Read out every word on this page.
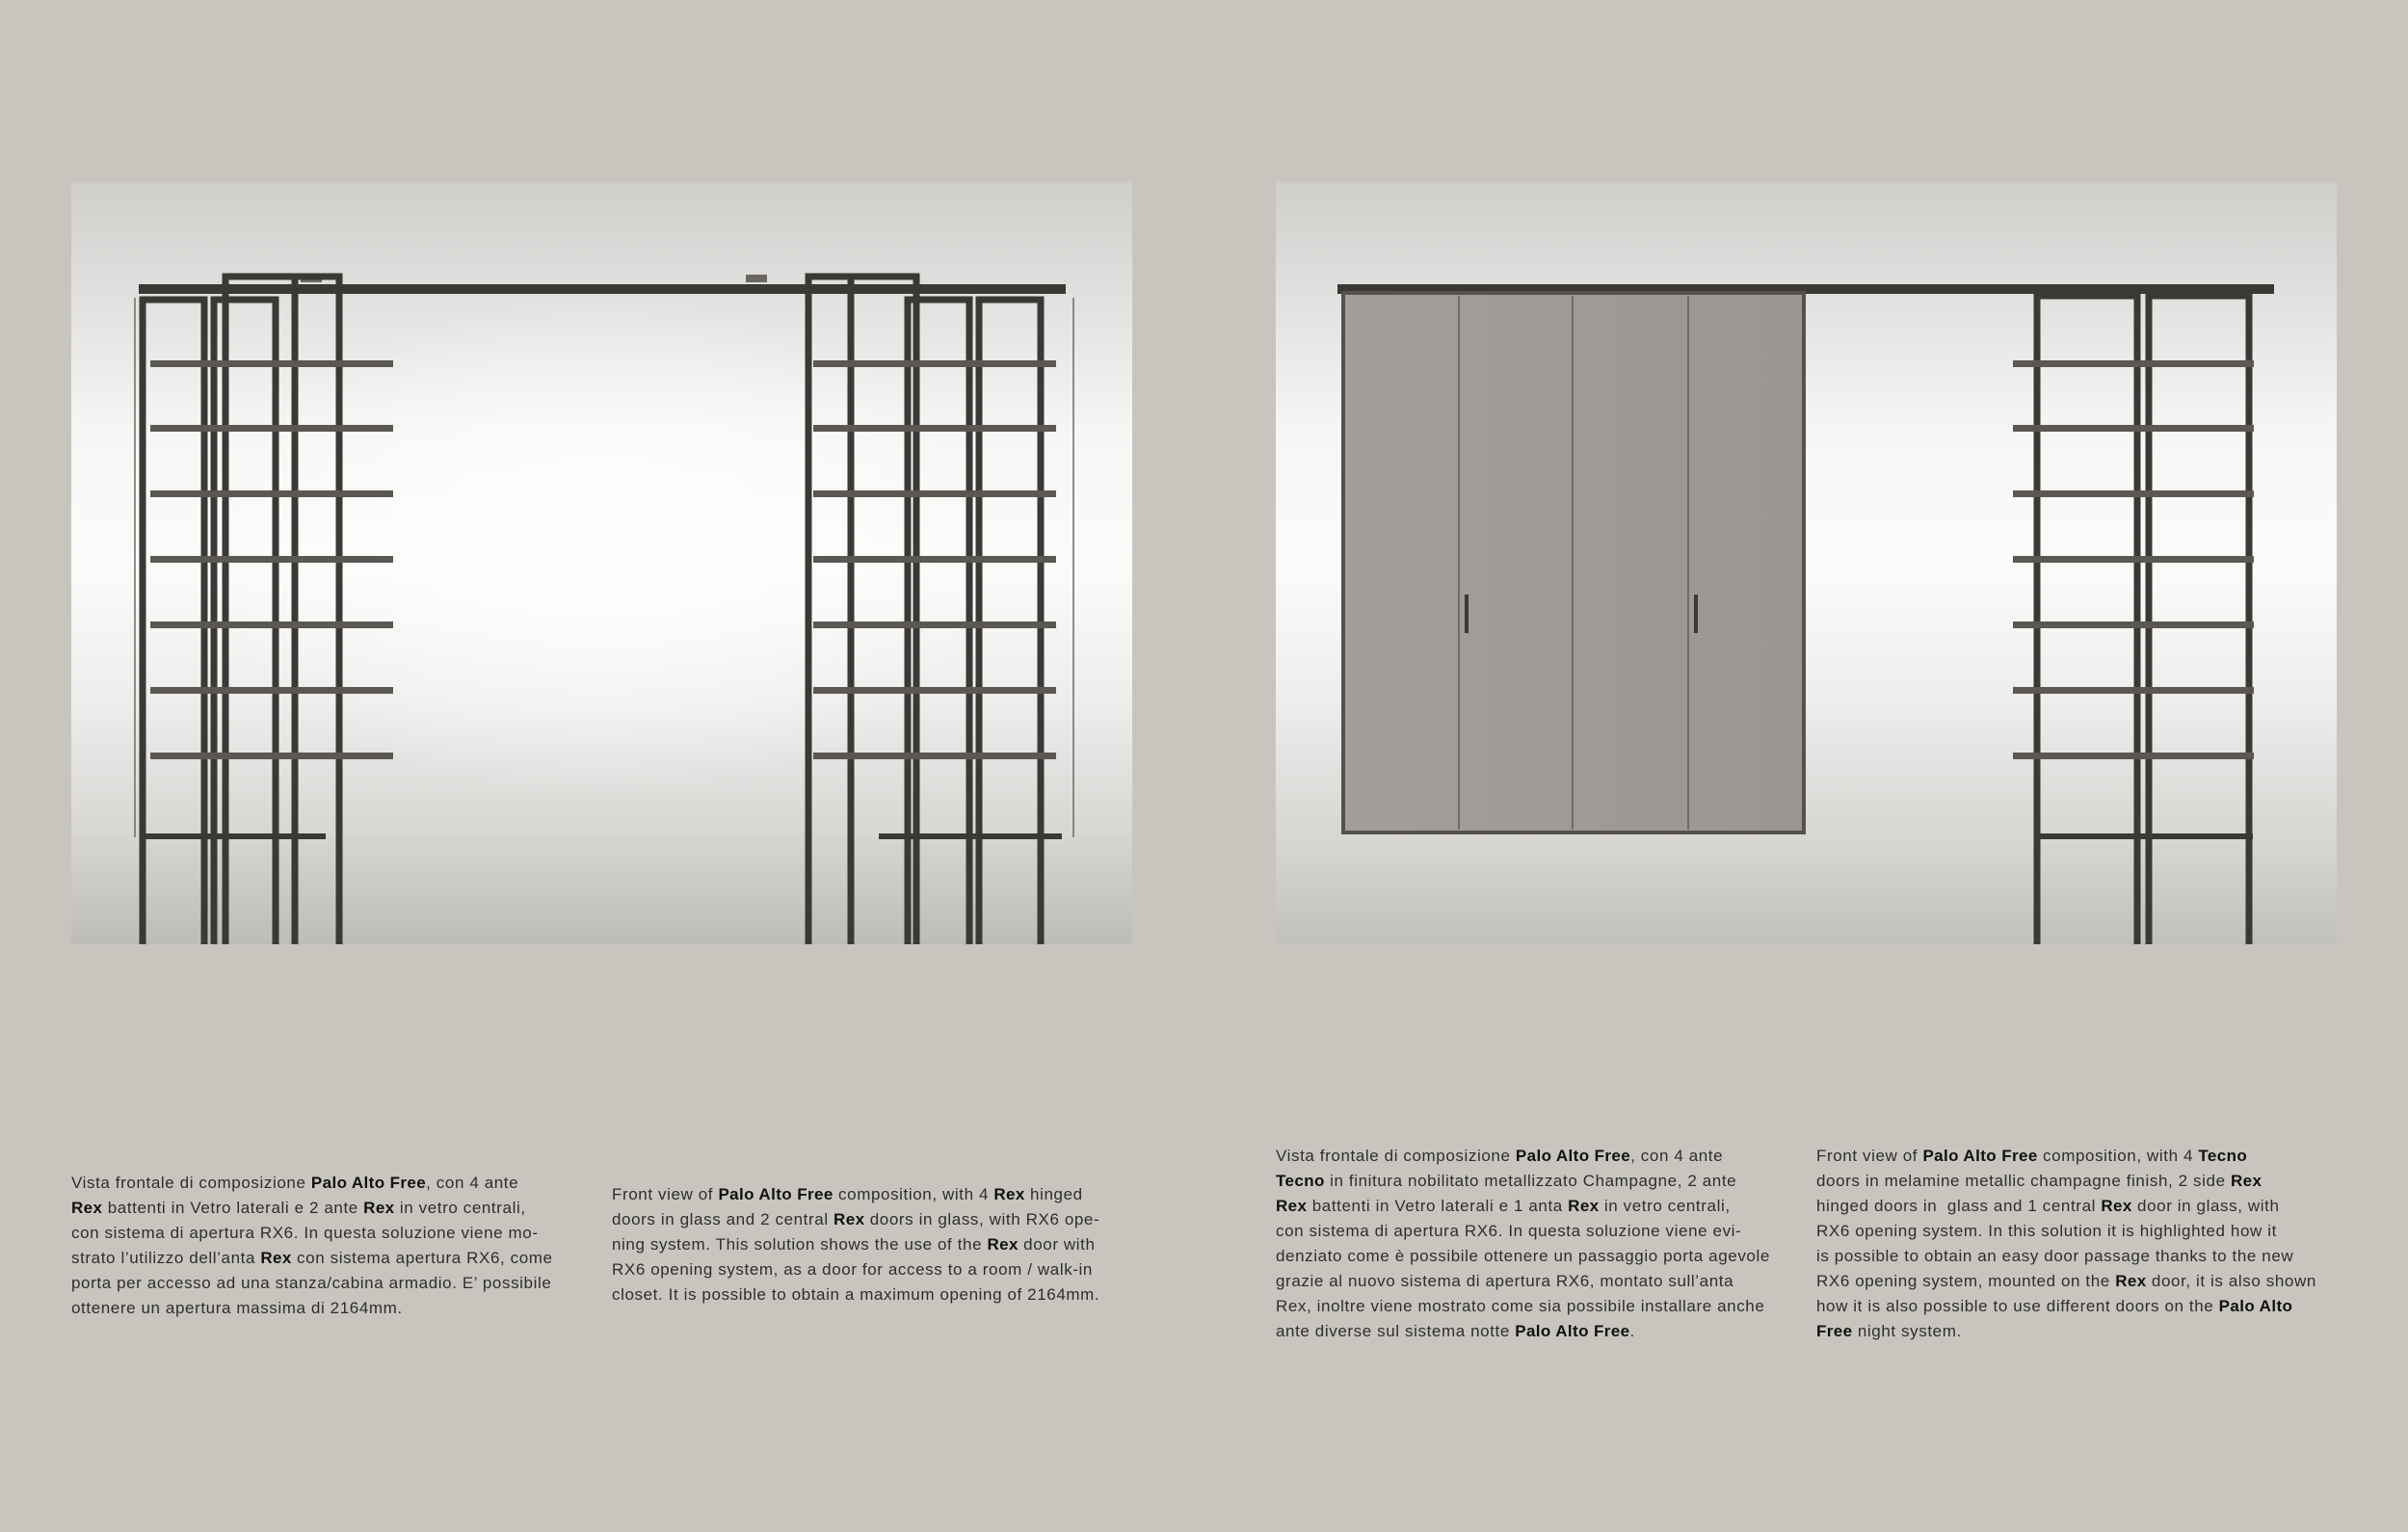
Vista frontale di composizione Palo Alto Free, con 4 ante
Rex battenti in Vetro laterali e 2 ante Rex in vetro centrali,
con sistema di apertura RX6. In questa soluzione viene mo-
strato l’utilizzo dell’anta Rex con sistema apertura RX6, come
porta per accesso ad una stanza/cabina armadio. E’ possibile
ottenere un apertura massima di 2164mm.

Front view of Palo Alto Free composition, with 4 Rex hinged
doors in glass and 2 central Rex doors in glass, with RX6 ope-
ning system. This solution shows the use of the Rex door with
RX6 opening system, as a door for access to a room / walk-in
closet. It is possible to obtain a maximum opening of 2164mm.

Vista frontale di composizione Palo Alto Free, con 4 ante
Tecno in finitura nobilitato metallizzato Champagne, 2 ante
Rex battenti in Vetro laterali e 1 anta Rex in vetro centrali,
con sistema di apertura RX6. In questa soluzione viene evi-
denziato come è possibile ottenere un passaggio porta agevole
grazie al nuovo sistema di apertura RX6, montato sull’anta
Rex, inoltre viene mostrato come sia possibile installare anche
ante diverse sul sistema notte Palo Alto Free.

Front view of Palo Alto Free composition, with 4 Tecno
doors in melamine metallic champagne finish, 2 side Rex
hinged doors in  glass and 1 central Rex door in glass, with
RX6 opening system. In this solution it is highlighted how it
is possible to obtain an easy door passage thanks to the new
RX6 opening system, mounted on the Rex door, it is also shown
how it is also possible to use different doors on the Palo Alto
Free night system.
